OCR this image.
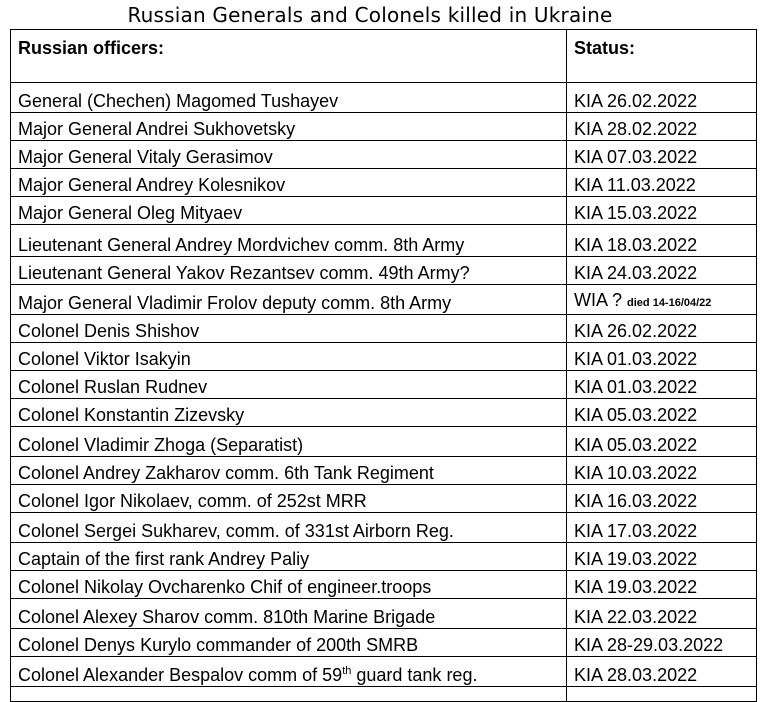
Russian Generals and Colonels killed in Ukraine
Russian officers:	Status:
General (Chechen) Magomed Tushayev	KIA 26.02.2022
Major General Andrei Sukhovetsky	KIA 28.02.2022
Major General Vitaly Gerasimov	KIA 07.03.2022
Major General Andrey Kolesnikov	KIA 11.03.2022
Major General Oleg Mityaev	KIA 15.03.2022
Lieutenant General Andrey Mordvichev comm. 8th Army	KIA 18.03.2022
Lieutenant General Yakov Rezantsev comm. 49th Army?	KIA 24.03.2022
Major General Vladimir Frolov deputy comm. 8th Army	WIA ? died 14-16/04/22
Colonel Denis Shishov	KIA 26.02.2022
Colonel Viktor Isakyin	KIA 01.03.2022
Colonel Ruslan Rudnev	KIA 01.03.2022
Colonel Konstantin Zizevsky	KIA 05.03.2022
Colonel Vladimir Zhoga (Separatist)	KIA 05.03.2022
Colonel Andrey Zakharov comm. 6th Tank Regiment	KIA 10.03.2022
Colonel Igor Nikolaev, comm. of 252st MRR	KIA 16.03.2022
Colonel Sergei Sukharev, comm. of 331st Airborn Reg.	KIA 17.03.2022
Captain of the first rank Andrey Paliy	KIA 19.03.2022
Colonel Nikolay Ovcharenko Chif of engineer.troops	KIA 19.03.2022
Colonel Alexey Sharov comm. 810th Marine Brigade	KIA 22.03.2022
Colonel Denys Kurylo commander of 200th SMRB	KIA 28-29.03.2022
Colonel Alexander Bespalov comm of 59th guard tank reg.	KIA 28.03.2022
